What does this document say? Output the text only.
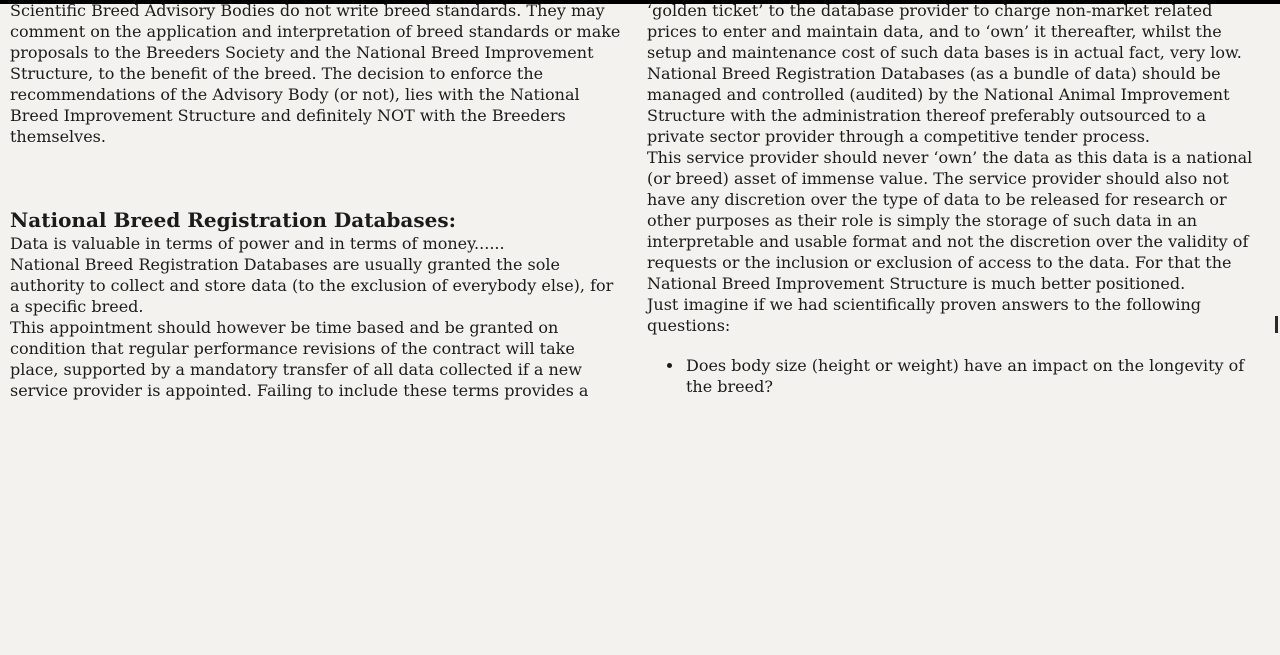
Scientific Breed Advisory Bodies do not write breed standards. They may comment on the application and interpretation of breed standards or make proposals to the Breeders Society and the National Breed Improvement Structure, to the benefit of the breed. The decision to enforce the recommendations of the Advisory Body (or not), lies with the National Breed Improvement Structure and definitely NOT with the Breeders themselves.

National Breed Registration Databases:

Data is valuable in terms of power and in terms of money......

National Breed Registration Databases are usually granted the sole authority to collect and store data (to the exclusion of everybody else), for a specific breed.

This appointment should however be time based and be granted on condition that regular performance revisions of the contract will take place, supported by a mandatory transfer of all data collected if a new service provider is appointed. Failing to include these terms provides a

‘golden ticket’ to the database provider to charge non-market related prices to enter and maintain data, and to ‘own’ it thereafter, whilst the setup and maintenance cost of such data bases is in actual fact, very low.

National Breed Registration Databases (as a bundle of data) should be managed and controlled (audited) by the National Animal Improvement Structure with the administration thereof preferably outsourced to a private sector provider through a competitive tender process.

This service provider should never ‘own’ the data as this data is a national (or breed) asset of immense value. The service provider should also not have any discretion over the type of data to be released for research or other purposes as their role is simply the storage of such data in an interpretable and usable format and not the discretion over the validity of requests or the inclusion or exclusion of access to the data. For that the National Breed Improvement Structure is much better positioned.

Just imagine if we had scientifically proven answers to the following questions:

• Does body size (height or weight) have an impact on the longevity of the breed?
